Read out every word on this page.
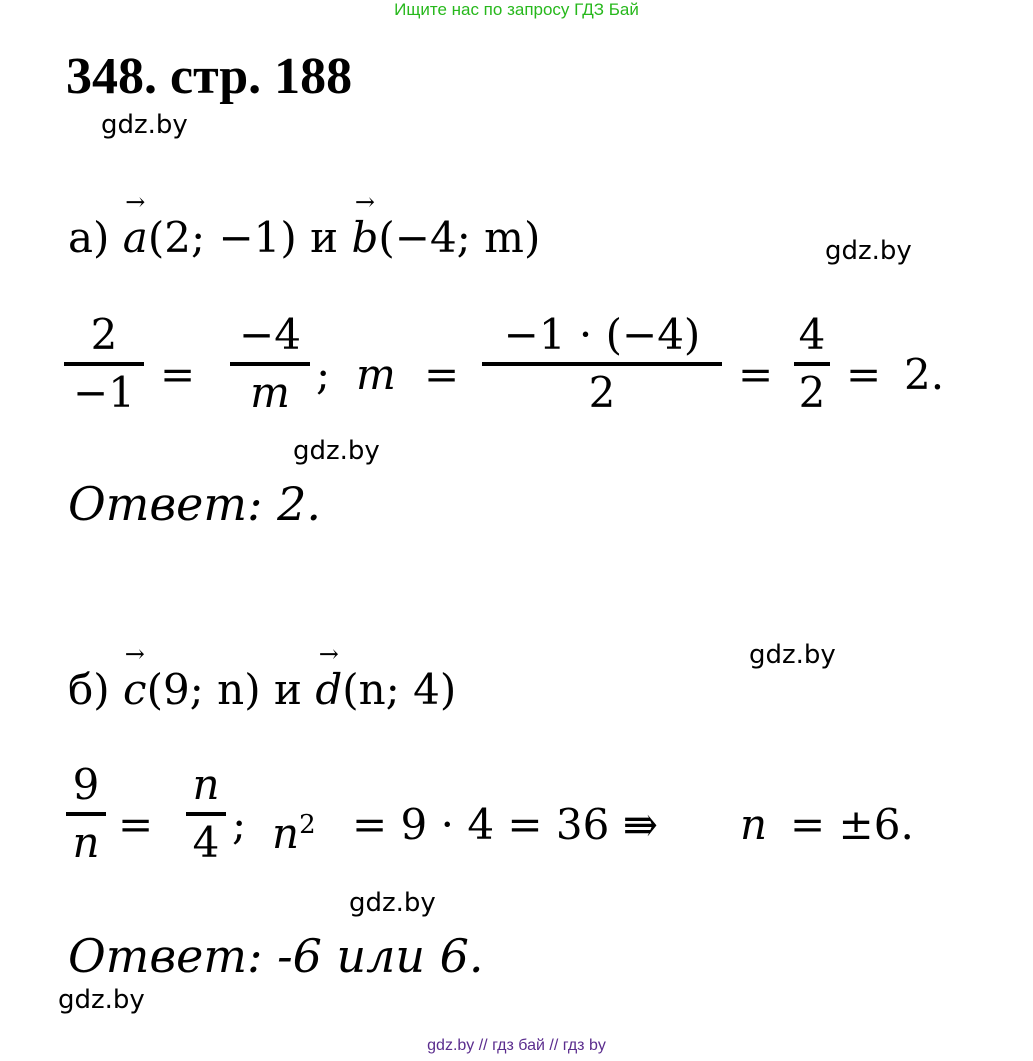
Ищите нас по запросу ГДЗ Бай
348. стр. 188
gdz.by
gdz.by
gdz.by
gdz.by
gdz.by
gdz.by
а)
→
a(2; −1) и
→
b(−4; m)
2
−1 =
−4
m ; m =
−1 · (−4)
2	=
4
2 = 2.
Ответ: 2.
б)
→
c(9; n) и
→
d(n; 4)
9
n =
n
4 ; $n^2 = 9 \cdot 4 = 36$ ⇛ n = ±6.
Ответ: -6 или 6.
gdz.by // гдз бай // гдз by
